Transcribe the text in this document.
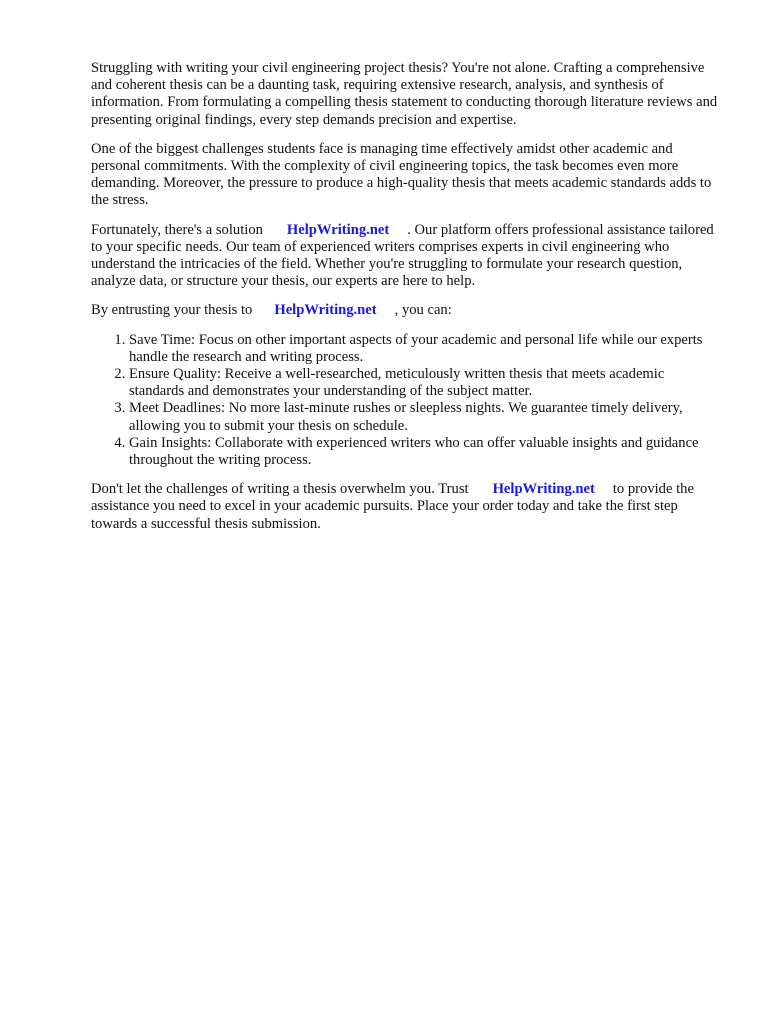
Struggling with writing your civil engineering project thesis? You're not alone. Crafting a comprehensive and coherent thesis can be a daunting task, requiring extensive research, analysis, and synthesis of information. From formulating a compelling thesis statement to conducting thorough literature reviews and presenting original findings, every step demands precision and expertise.

One of the biggest challenges students face is managing time effectively amidst other academic and personal commitments. With the complexity of civil engineering topics, the task becomes even more demanding. Moreover, the pressure to produce a high-quality thesis that meets academic standards adds to the stress.

Fortunately, there's a solution HelpWriting.net . Our platform offers professional assistance tailored to your specific needs. Our team of experienced writers comprises experts in civil engineering who understand the intricacies of the field. Whether you're struggling to formulate your research question, analyze data, or structure your thesis, our experts are here to help.

By entrusting your thesis to HelpWriting.net , you can:

1. Save Time: Focus on other important aspects of your academic and personal life while our experts handle the research and writing process.
2. Ensure Quality: Receive a well-researched, meticulously written thesis that meets academic standards and demonstrates your understanding of the subject matter.
3. Meet Deadlines: No more last-minute rushes or sleepless nights. We guarantee timely delivery, allowing you to submit your thesis on schedule.
4. Gain Insights: Collaborate with experienced writers who can offer valuable insights and guidance throughout the writing process.

Don't let the challenges of writing a thesis overwhelm you. Trust HelpWriting.net to provide the assistance you need to excel in your academic pursuits. Place your order today and take the first step towards a successful thesis submission.
